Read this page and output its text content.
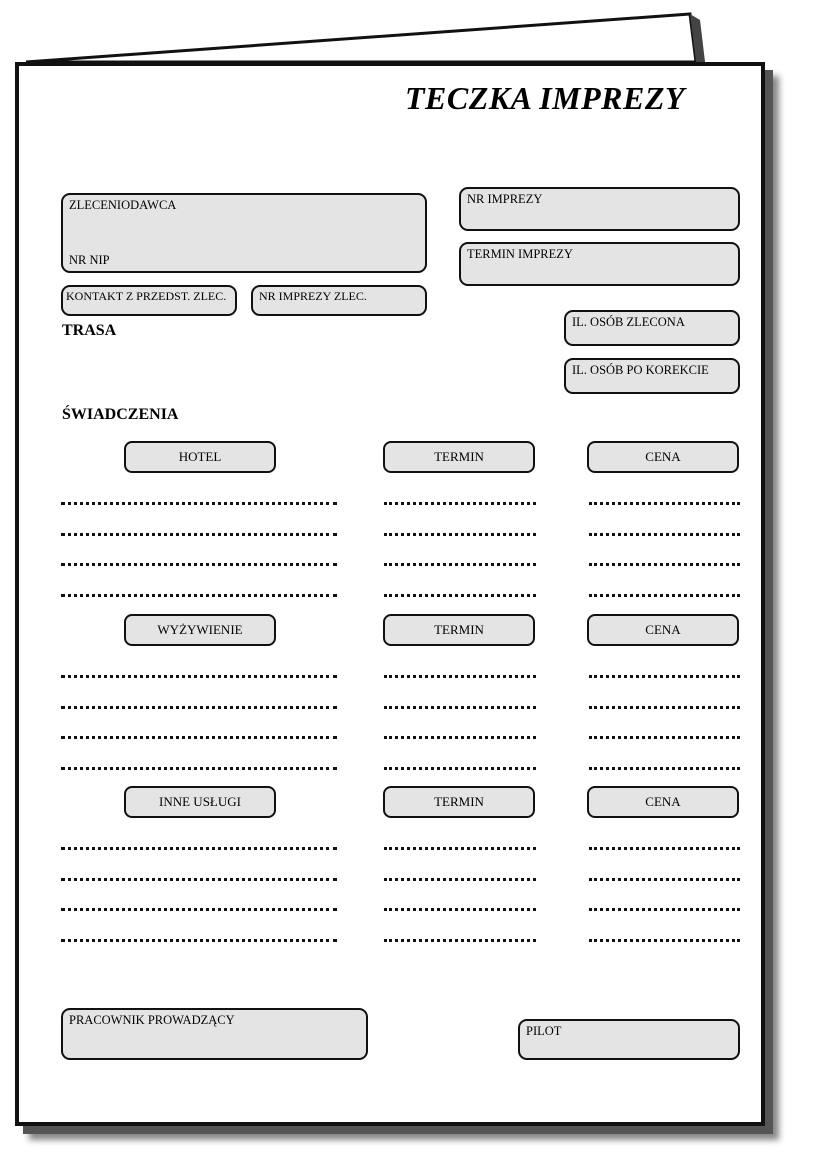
TECZKA IMPREZY
ZLECENIODAWCA
NR NIP
NR IMPREZY
TERMIN IMPREZY
KONTAKT Z PRZEDST. ZLEC.	NR IMPREZY ZLEC.
IL. OSÓB ZLECONA
IL. OSÓB PO KOREKCIE
TRASA
ŚWIADCZENIA
HOTEL	TERMIN	CENA
WYŻYWIENIE	TERMIN	CENA
INNE USŁUGI	TERMIN	CENA
PRACOWNIK PROWADZĄCY
PILOT
